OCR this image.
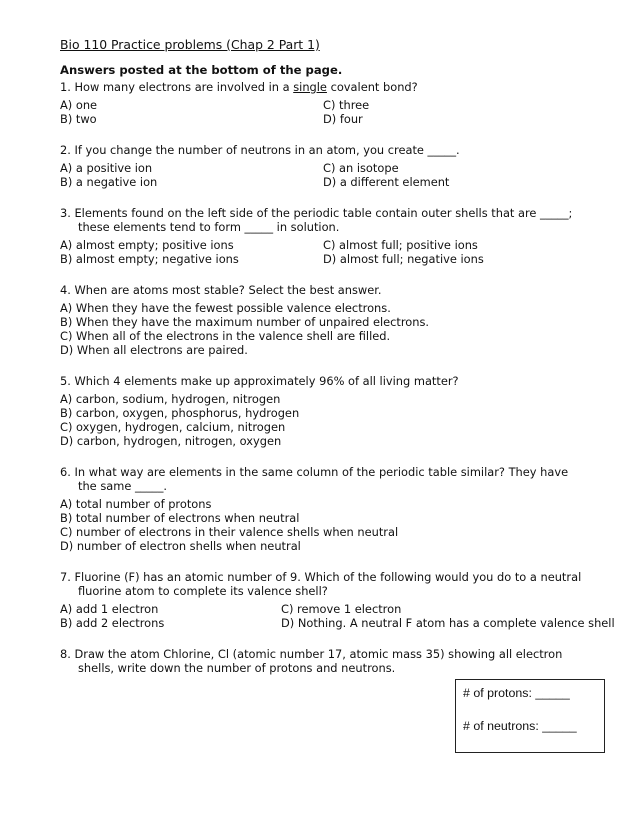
Bio 110 Practice problems (Chap 2 Part 1)
Answers posted at the bottom of the page.
1. How many electrons are involved in a single covalent bond?
A) one	C) three
B) two	D) four
2. If you change the number of neutrons in an atom, you create _____.
A) a positive ion	C) an isotope
B) a negative ion	D) a different element
3. Elements found on the left side of the periodic table contain outer shells that are _____; these elements tend to form _____ in solution.
A) almost empty; positive ions	C) almost full; positive ions
B) almost empty; negative ions	D) almost full; negative ions
4. When are atoms most stable? Select the best answer.
A) When they have the fewest possible valence electrons.
B) When they have the maximum number of unpaired electrons.
C) When all of the electrons in the valence shell are filled.
D) When all electrons are paired.
5. Which 4 elements make up approximately 96% of all living matter?
A) carbon, sodium, hydrogen, nitrogen
B) carbon, oxygen, phosphorus, hydrogen
C) oxygen, hydrogen, calcium, nitrogen
D) carbon, hydrogen, nitrogen, oxygen
6. In what way are elements in the same column of the periodic table similar? They have the same _____.
A) total number of protons
B) total number of electrons when neutral
C) number of electrons in their valence shells when neutral
D) number of electron shells when neutral
7. Fluorine (F) has an atomic number of 9. Which of the following would you do to a neutral fluorine atom to complete its valence shell?
A) add 1 electron	C) remove 1 electron
B) add 2 electrons	D) Nothing. A neutral F atom has a complete valence shell
8. Draw the atom Chlorine, Cl (atomic number 17, atomic mass 35) showing all electron shells, write down the number of protons and neutrons.
# of protons: _____
# of neutrons: _____
